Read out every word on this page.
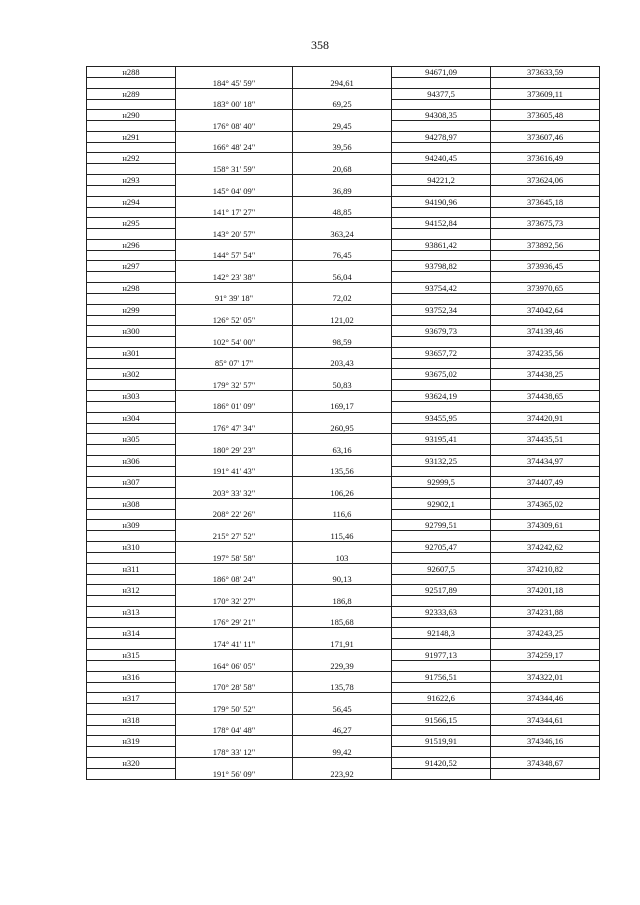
358
н288			94671,09	373633,59
	184° 45' 59"	294,61		
н289			94377,5	373609,11
	183° 00' 18"	69,25		
н290			94308,35	373605,48
	176° 08' 40"	29,45		
н291			94278,97	373607,46
	166° 48' 24"	39,56		
н292			94240,45	373616,49
	158° 31' 59"	20,68		
н293			94221,2	373624,06
	145° 04' 09"	36,89		
н294			94190,96	373645,18
	141° 17' 27"	48,85		
н295			94152,84	373675,73
	143° 20' 57"	363,24		
н296			93861,42	373892,56
	144° 57' 54"	76,45		
н297			93798,82	373936,45
	142° 23' 38"	56,04		
н298			93754,42	373970,65
	91° 39' 18"	72,02		
н299			93752,34	374042,64
	126° 52' 05"	121,02		
н300			93679,73	374139,46
	102° 54' 00"	98,59		
н301			93657,72	374235,56
	85° 07' 17"	203,43		
н302			93675,02	374438,25
	179° 32' 57"	50,83		
н303			93624,19	374438,65
	186° 01' 09"	169,17		
н304			93455,95	374420,91
	176° 47' 34"	260,95		
н305			93195,41	374435,51
	180° 29' 23"	63,16		
н306			93132,25	374434,97
	191° 41' 43"	135,56		
н307			92999,5	374407,49
	203° 33' 32"	106,26		
н308			92902,1	374365,02
	208° 22' 26"	116,6		
н309			92799,51	374309,61
	215° 27' 52"	115,46		
н310			92705,47	374242,62
	197° 58' 58"	103		
н311			92607,5	374210,82
	186° 08' 24"	90,13		
н312			92517,89	374201,18
	170° 32' 27"	186,8		
н313			92333,63	374231,88
	176° 29' 21"	185,68		
н314			92148,3	374243,25
	174° 41' 11"	171,91		
н315			91977,13	374259,17
	164° 06' 05"	229,39		
н316			91756,51	374322,01
	170° 28' 58"	135,78		
н317			91622,6	374344,46
	179° 50' 52"	56,45		
н318			91566,15	374344,61
	178° 04' 48"	46,27		
н319			91519,91	374346,16
	178° 33' 12"	99,42		
н320			91420,52	374348,67
	191° 56' 09"	223,92		
